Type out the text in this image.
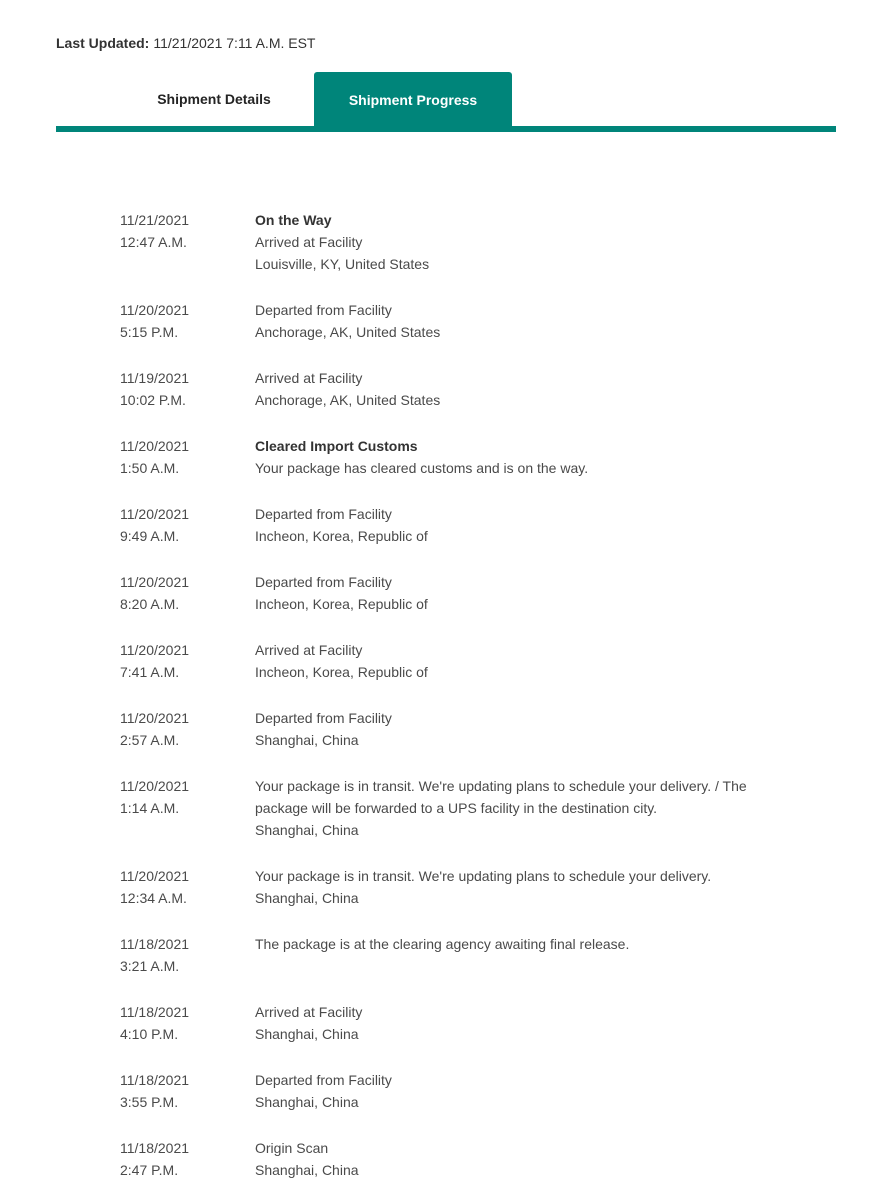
Last Updated: 11/21/2021 7:11 A.M. EST
Shipment Details	Shipment Progress
11/21/2021
12:47 A.M.
On the Way
Arrived at Facility
Louisville, KY, United States
11/20/2021
5:15 P.M.
Departed from Facility
Anchorage, AK, United States
11/19/2021
10:02 P.M.
Arrived at Facility
Anchorage, AK, United States
11/20/2021
1:50 A.M.
Cleared Import Customs
Your package has cleared customs and is on the way.
11/20/2021
9:49 A.M.
Departed from Facility
Incheon, Korea, Republic of
11/20/2021
8:20 A.M.
Departed from Facility
Incheon, Korea, Republic of
11/20/2021
7:41 A.M.
Arrived at Facility
Incheon, Korea, Republic of
11/20/2021
2:57 A.M.
Departed from Facility
Shanghai, China
11/20/2021
1:14 A.M.
Your package is in transit. We're updating plans to schedule your delivery. / The package will be forwarded to a UPS facility in the destination city.
Shanghai, China
11/20/2021
12:34 A.M.
Your package is in transit. We're updating plans to schedule your delivery.
Shanghai, China
11/18/2021
3:21 A.M.
The package is at the clearing agency awaiting final release.
11/18/2021
4:10 P.M.
Arrived at Facility
Shanghai, China
11/18/2021
3:55 P.M.
Departed from Facility
Shanghai, China
11/18/2021
2:47 P.M.
Origin Scan
Shanghai, China
